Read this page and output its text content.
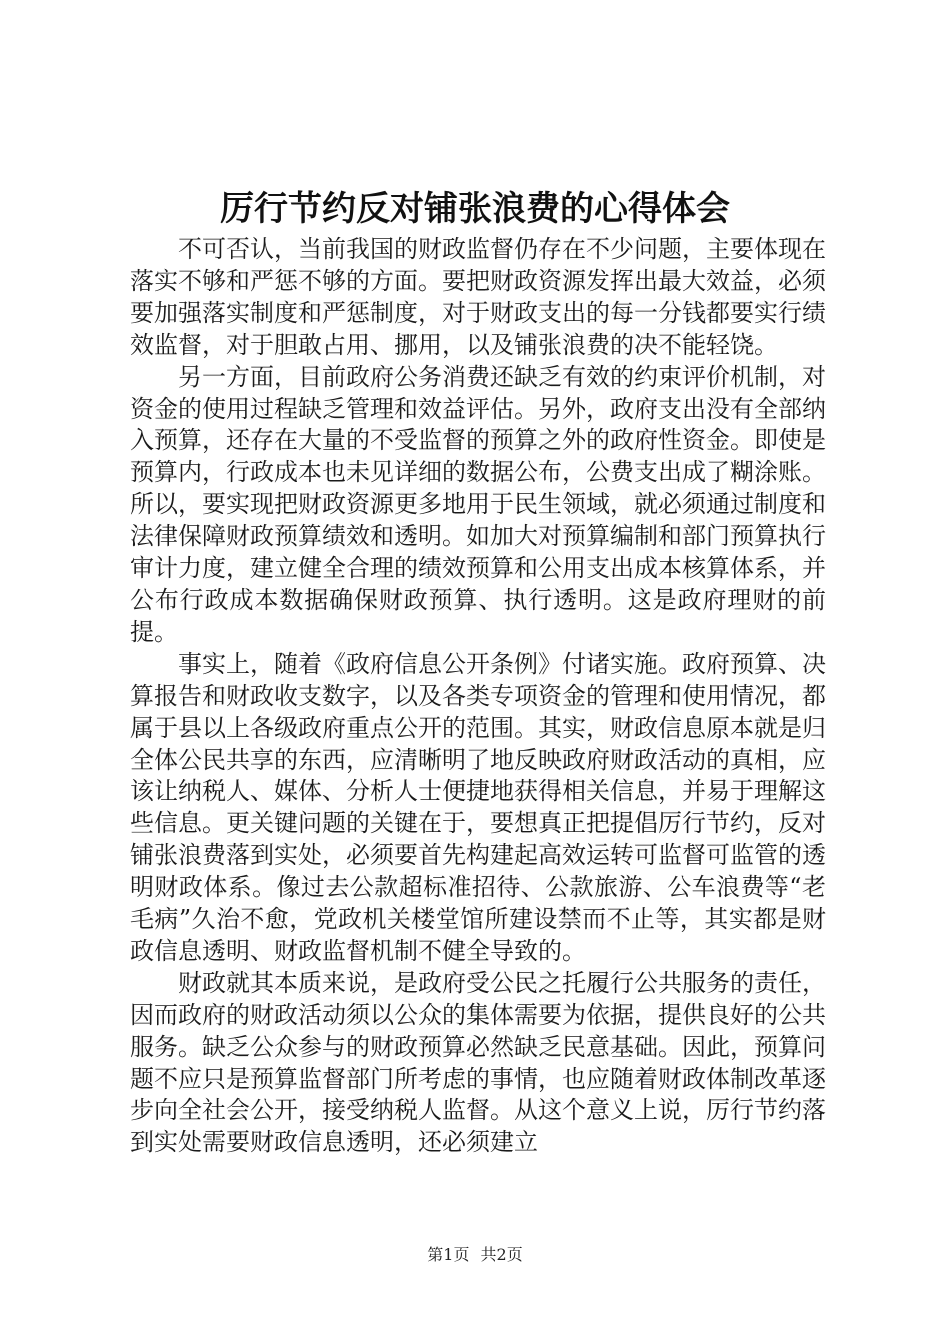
厉行节约反对铺张浪费的心得体会

不可否认，当前我国的财政监督仍存在不少问题，主要体现在落实不够和严惩不够的方面。要把财政资源发挥出最大效益，必须要加强落实制度和严惩制度，对于财政支出的每一分钱都要实行绩效监督，对于胆敢占用、挪用，以及铺张浪费的决不能轻饶。

另一方面，目前政府公务消费还缺乏有效的约束评价机制，对资金的使用过程缺乏管理和效益评估。另外，政府支出没有全部纳入预算，还存在大量的不受监督的预算之外的政府性资金。即使是预算内，行政成本也未见详细的数据公布，公费支出成了糊涂账。所以，要实现把财政资源更多地用于民生领域，就必须通过制度和法律保障财政预算绩效和透明。如加大对预算编制和部门预算执行审计力度，建立健全合理的绩效预算和公用支出成本核算体系，并公布行政成本数据确保财政预算、执行透明。这是政府理财的前提。

事实上，随着《政府信息公开条例》付诸实施。政府预算、决算报告和财政收支数字，以及各类专项资金的管理和使用情况，都属于县以上各级政府重点公开的范围。其实，财政信息原本就是归全体公民共享的东西，应清晰明了地反映政府财政活动的真相，应该让纳税人、媒体、分析人士便捷地获得相关信息，并易于理解这些信息。更关键问题的关键在于，要想真正把提倡厉行节约，反对铺张浪费落到实处，必须要首先构建起高效运转可监督可监管的透明财政体系。像过去公款超标准招待、公款旅游、公车浪费等“老毛病”久治不愈，党政机关楼堂馆所建设禁而不止等，其实都是财政信息透明、财政监督机制不健全导致的。

财政就其本质来说，是政府受公民之托履行公共服务的责任，因而政府的财政活动须以公众的集体需要为依据，提供良好的公共服务。缺乏公众参与的财政预算必然缺乏民意基础。因此，预算问题不应只是预算监督部门所考虑的事情，也应随着财政体制改革逐步向全社会公开，接受纳税人监督。从这个意义上说，厉行节约落到实处需要财政信息透明，还必须建立

第1页 共2页
